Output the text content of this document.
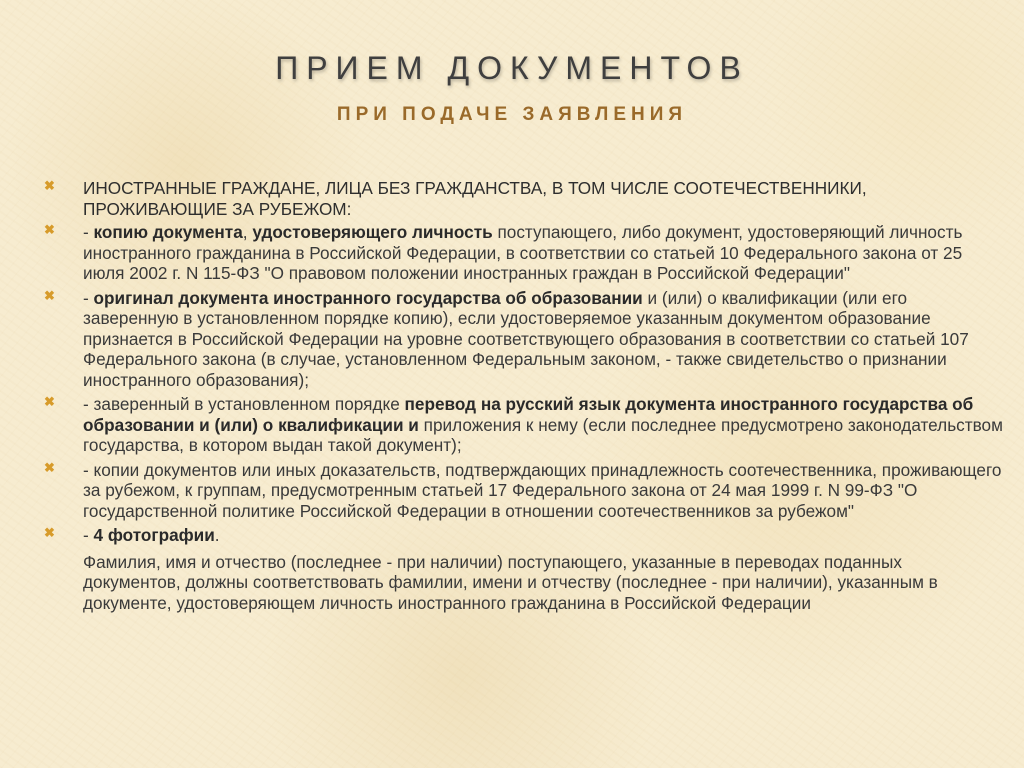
ПРИЕМ ДОКУМЕНТОВ
ПРИ ПОДАЧЕ ЗАЯВЛЕНИЯ
✖ ИНОСТРАННЫЕ ГРАЖДАНЕ, ЛИЦА БЕЗ ГРАЖДАНСТВА, В ТОМ ЧИСЛЕ СООТЕЧЕСТВЕННИКИ, ПРОЖИВАЮЩИЕ ЗА РУБЕЖОМ:
✖ - копию документа, удостоверяющего личность поступающего, либо документ, удостоверяющий личность иностранного гражданина в Российской Федерации, в соответствии со статьей 10 Федерального закона от 25 июля 2002 г. N 115-ФЗ "О правовом положении иностранных граждан в Российской Федерации"
✖ - оригинал документа иностранного государства об образовании и (или) о квалификации (или его заверенную в установленном порядке копию), если удостоверяемое указанным документом образование признается в Российской Федерации на уровне соответствующего образования в соответствии со статьей 107 Федерального закона (в случае, установленном Федеральным законом, - также свидетельство о признании иностранного образования);
✖ - заверенный в установленном порядке перевод на русский язык документа иностранного государства об образовании и (или) о квалификации и приложения к нему (если последнее предусмотрено законодательством государства, в котором выдан такой документ);
✖ - копии документов или иных доказательств, подтверждающих принадлежность соотечественника, проживающего за рубежом, к группам, предусмотренным статьей 17 Федерального закона от 24 мая 1999 г. N 99-ФЗ "О государственной политике Российской Федерации в отношении соотечественников за рубежом"
✖ - 4 фотографии.
Фамилия, имя и отчество (последнее - при наличии) поступающего, указанные в переводах поданных документов, должны соответствовать фамилии, имени и отчеству (последнее - при наличии), указанным в документе, удостоверяющем личность иностранного гражданина в Российской Федерации
